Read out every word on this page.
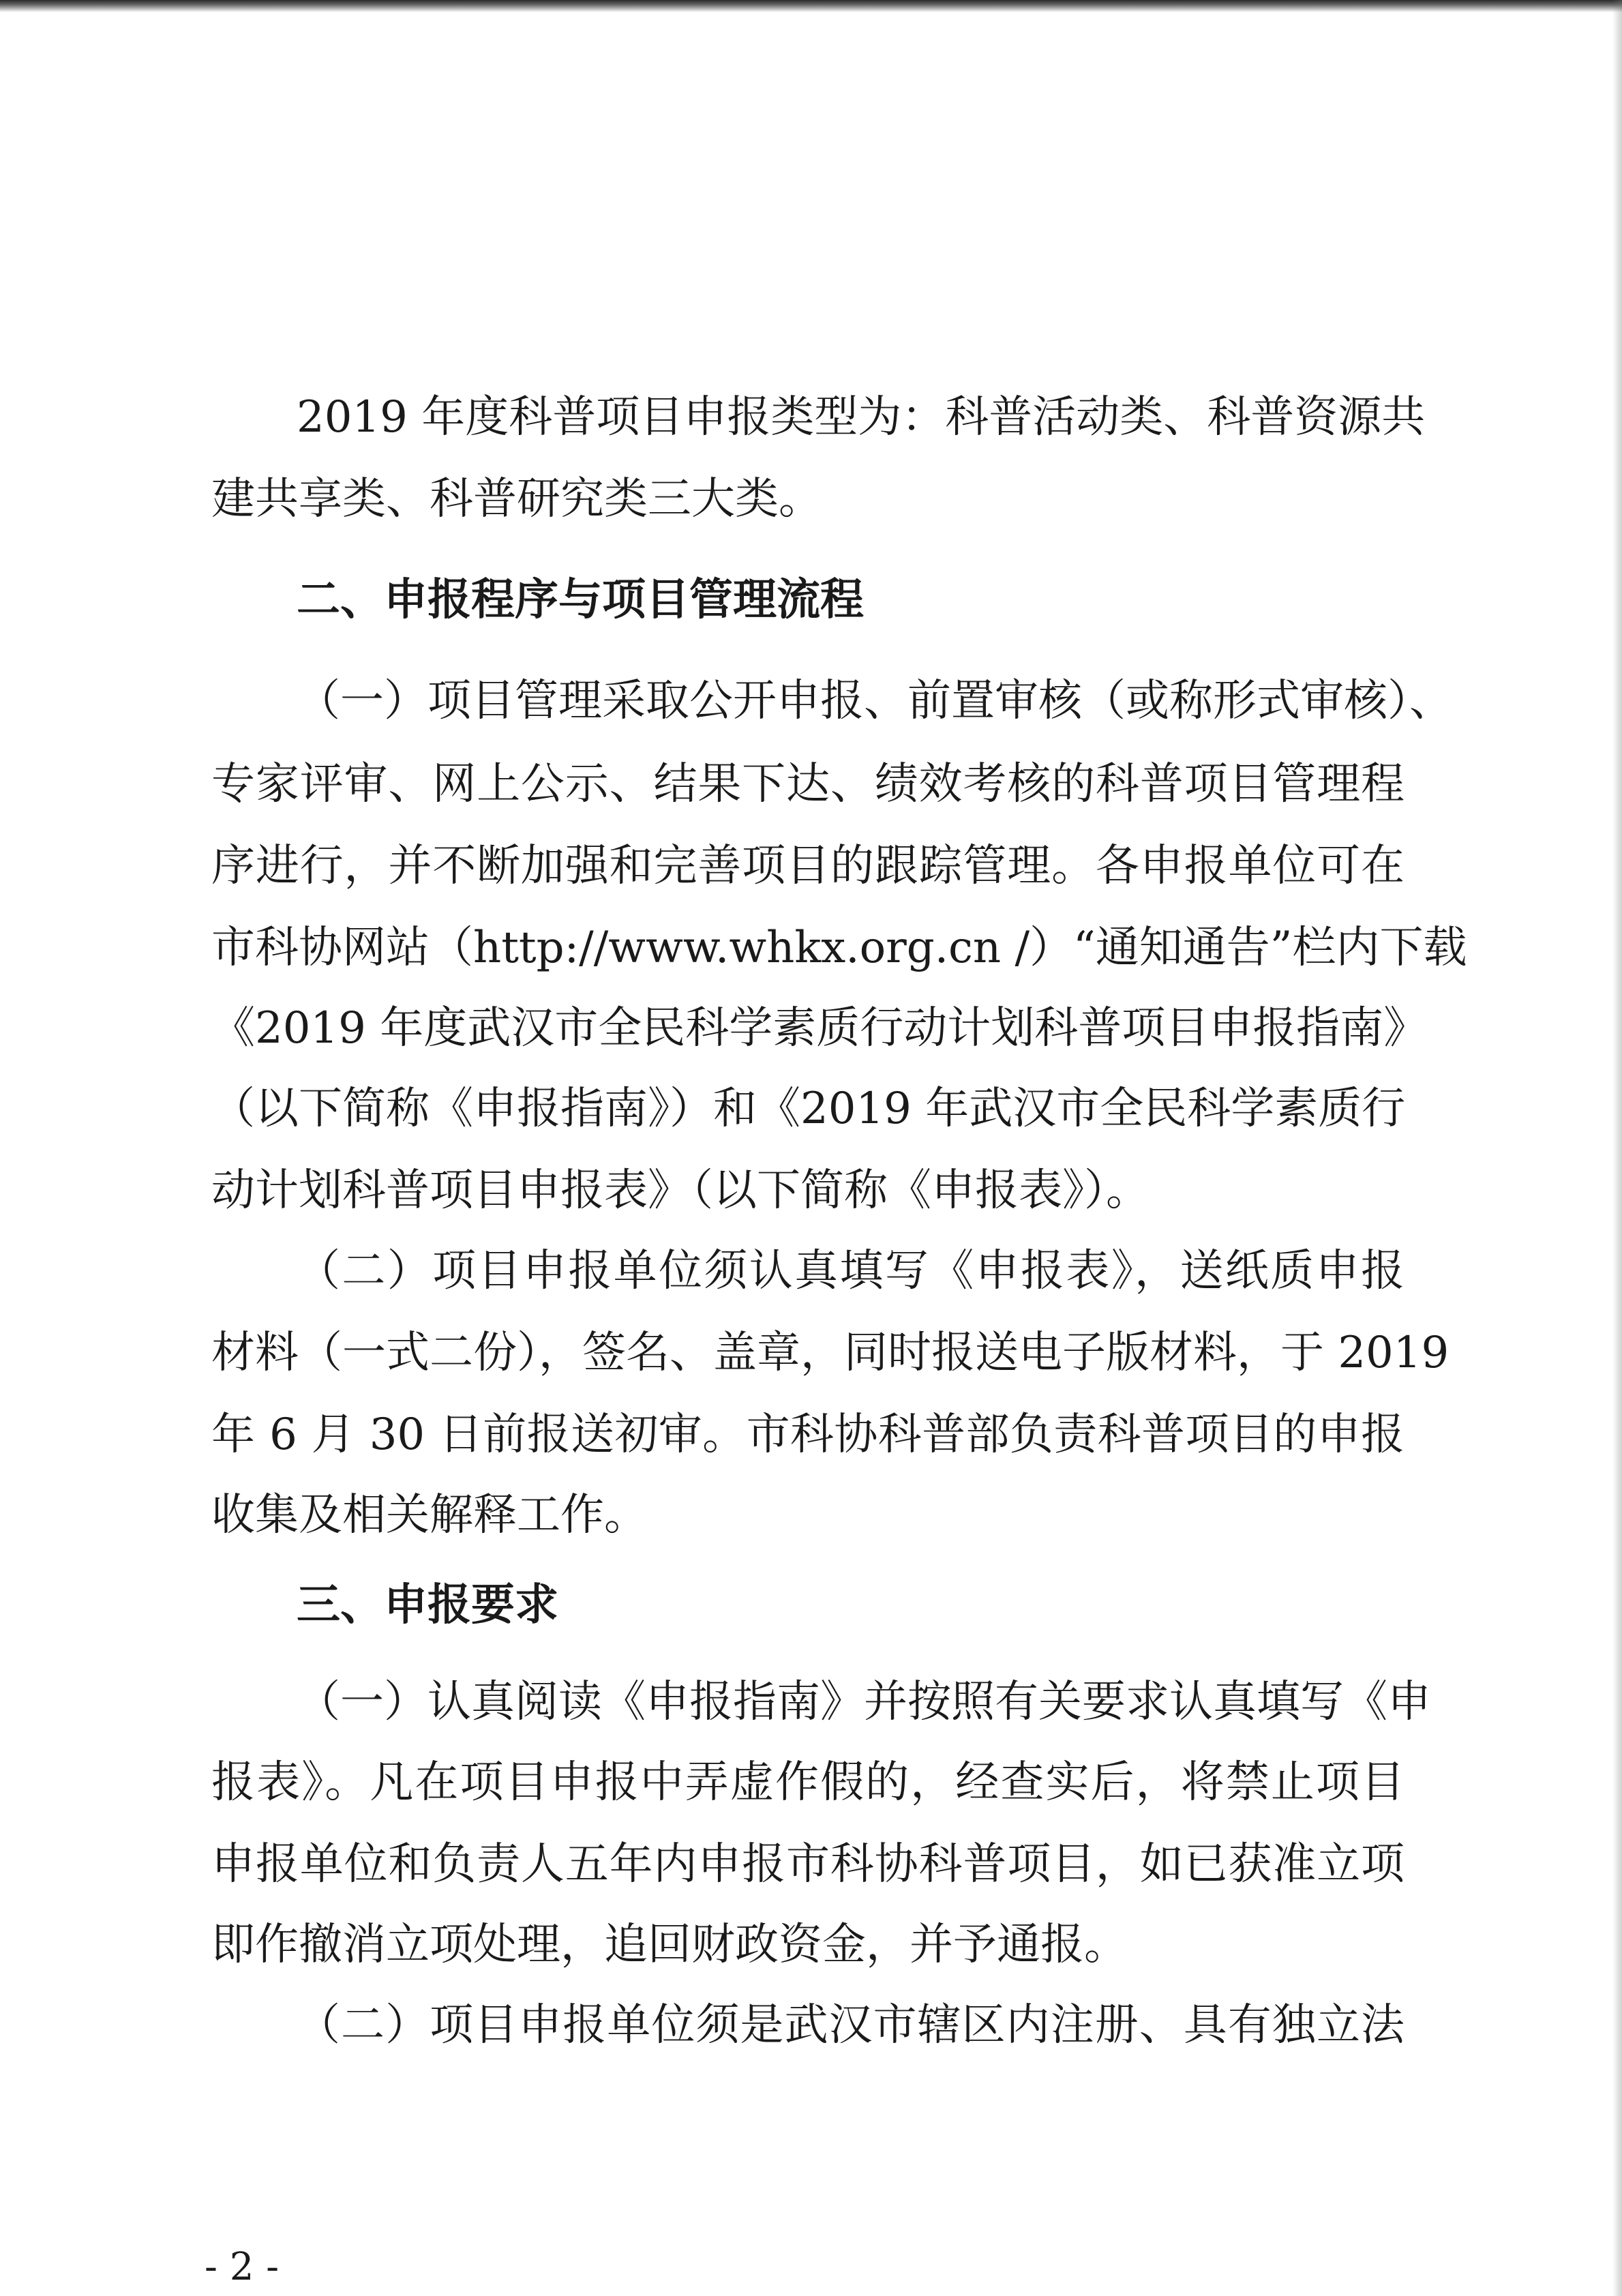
2019 年度科普项目申报类型为：科普活动类、科普资源共
建共享类、科普研究类三大类。
二、申报程序与项目管理流程
（一）项目管理采取公开申报、前置审核（或称形式审核）、
专家评审、网上公示、结果下达、绩效考核的科普项目管理程
序进行，并不断加强和完善项目的跟踪管理。各申报单位可在
市科协网站（http://www.whkx.org.cn /）“通知通告”栏内下载
《2019 年度武汉市全民科学素质行动计划科普项目申报指南》
（以下简称《申报指南》）和《2019 年武汉市全民科学素质行
动计划科普项目申报表》（以下简称《申报表》）。
（二）项目申报单位须认真填写《申报表》，送纸质申报
材料（一式二份），签名、盖章，同时报送电子版材料，于 2019
年 6 月 30 日前报送初审。市科协科普部负责科普项目的申报
收集及相关解释工作。
三、申报要求
（一）认真阅读《申报指南》并按照有关要求认真填写《申
报表》。凡在项目申报中弄虚作假的，经查实后，将禁止项目
申报单位和负责人五年内申报市科协科普项目，如已获准立项
即作撤消立项处理，追回财政资金，并予通报。
（二）项目申报单位须是武汉市辖区内注册、具有独立法
- 2 -
